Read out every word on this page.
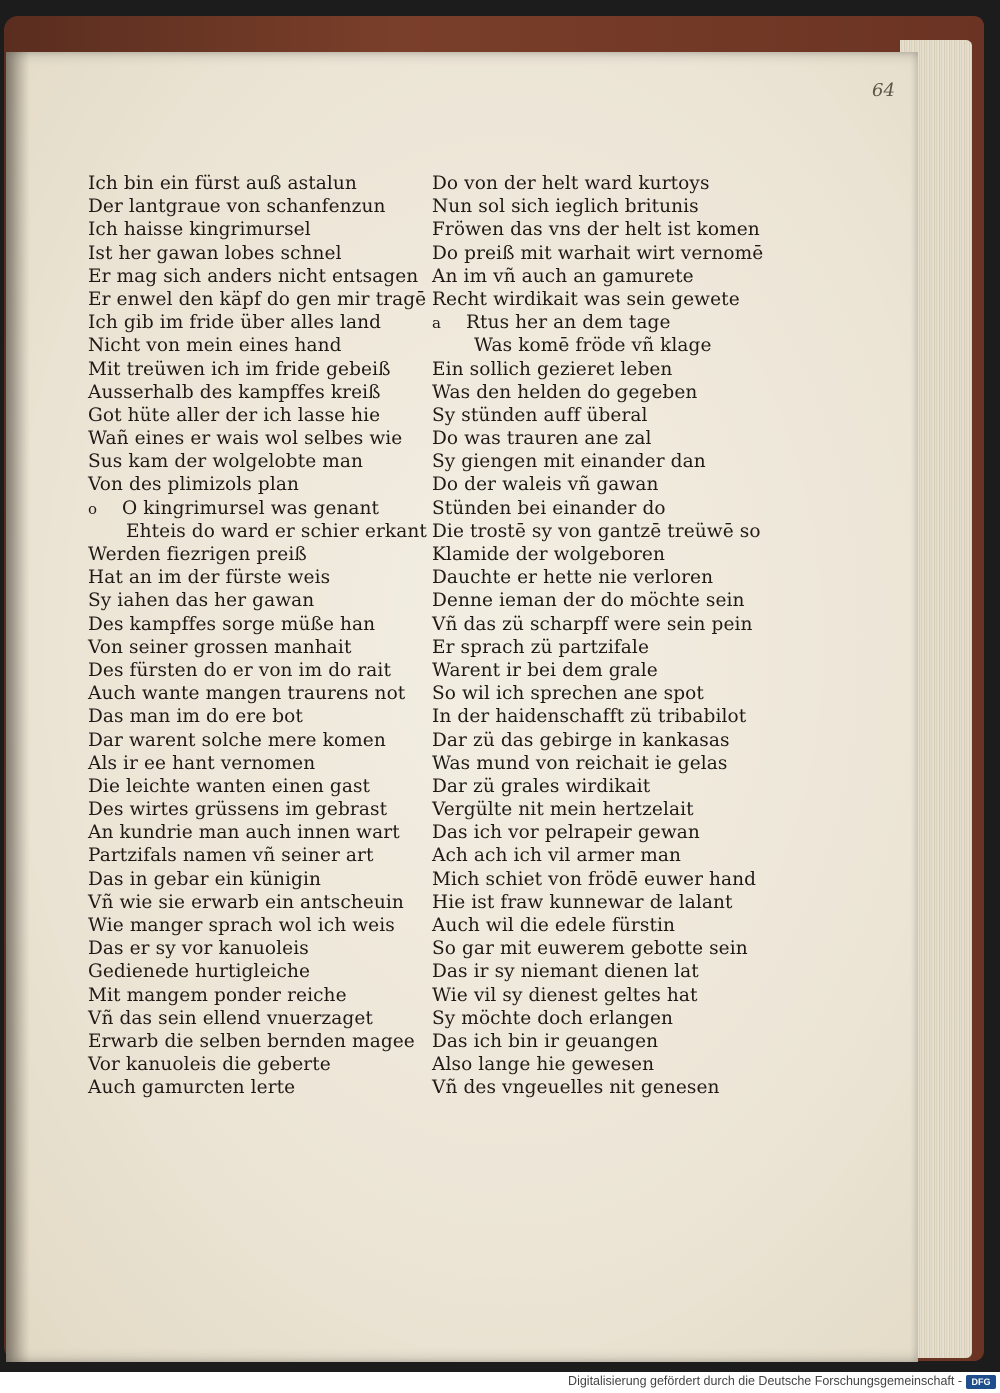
64
Ich bin ein fürst auß astalun
Der lantgraue von schanfenzun
Ich haisse kingrimursel
Ist her gawan lobes schnel
Er mag sich anders nicht entsagen
Er enwel den käpf do gen mir tragē
Ich gib im fride über alles land
Nicht von mein eines hand
Mit treüwen ich im fride gebeiß
Ausserhalb des kampffes kreiß
Got hüte aller der ich lasse hie
Wañ eines er wais wol selbes wie
Sus kam der wolgelobte man
Von des plimizols plan
o O kingrimursel was genant
Ehteis do ward er schier erkant
Werden fiezrigen preiß
Hat an im der fürste weis
Sy iahen das her gawan
Des kampffes sorge müße han
Von seiner grossen manhait
Des fürsten do er von im do rait
Auch wante mangen traurens not
Das man im do ere bot
Dar warent solche mere komen
Als ir ee hant vernomen
Die leichte wanten einen gast
Des wirtes grüssens im gebrast
An kundrie man auch innen wart
Partzifals namen vñ seiner art
Das in gebar ein künigin
Vñ wie sie erwarb ein antscheuin
Wie manger sprach wol ich weis
Das er sy vor kanuoleis
Gedienede hurtigleiche
Mit mangem ponder reiche
Vñ das sein ellend vnuerzaget
Erwarb die selben bernden magee
Vor kanuoleis die geberte
Auch gamurcten lerte
Do von der helt ward kurtoys
Nun sol sich ieglich britunis
Fröwen das vns der helt ist komen
Do preiß mit warhait wirt vernomē
An im vñ auch an gamurete
Recht wirdikait was sein gewete
a Rtus her an dem tage
Was komē fröde vñ klage
Ein sollich gezieret leben
Was den helden do gegeben
Sy stünden auff überal
Do was trauren ane zal
Sy giengen mit einander dan
Do der waleis vñ gawan
Stünden bei einander do
Die trostē sy von gantzē treüwē so
Klamide der wolgeboren
Dauchte er hette nie verloren
Denne ieman der do möchte sein
Vñ das zü scharpff were sein pein
Er sprach zü partzifale
Warent ir bei dem grale
So wil ich sprechen ane spot
In der haidenschafft zü tribabilot
Dar zü das gebirge in kankasas
Was mund von reichait ie gelas
Dar zü grales wirdikait
Vergülte nit mein hertzelait
Das ich vor pelrapeir gewan
Ach ach ich vil armer man
Mich schiet von frödē euwer hand
Hie ist fraw kunnewar de lalant
Auch wil die edele fürstin
So gar mit euwerem gebotte sein
Das ir sy niemant dienen lat
Wie vil sy dienest geltes hat
Sy möchte doch erlangen
Das ich bin ir geuangen
Also lange hie gewesen
Vñ des vngeuelles nit genesen
Digitalisierung gefördert durch die Deutsche Forschungsgemeinschaft -	DFG
